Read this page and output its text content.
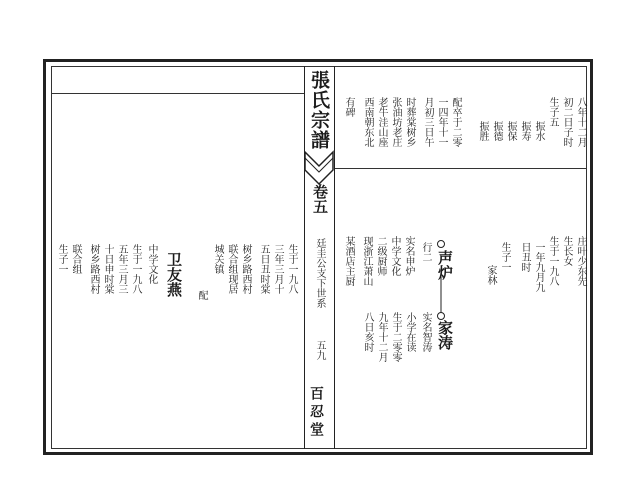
張氏宗譜
卷五
廷圭公支下世系
五九
百忍堂
八年十二月
初二日子时
生子五
振水
振寿
振保
振德
振胜
配卒于二零
一四年十一
月初三日午
时葬棠树乡
张油坊老庄
老牛洼山座
西南朝东北
有碑
庄叶少东先
生长女
生于一九八
一年九月九
日丑时
生子一
家林
声炉
行二
实名申炉
中学文化
二级厨师
现浙江萧山
某酒店主厨
家涛
实名智涛
小学在读
生于二零零
九年十二月
八日亥时
生于一九八
三年三月十
五日丑时棠
树乡路西村
联合组现居
城关镇
配
卫友燕
中学文化
生于一九八
五年三月三
十日申时棠
树乡路西村
联合组
生子一
